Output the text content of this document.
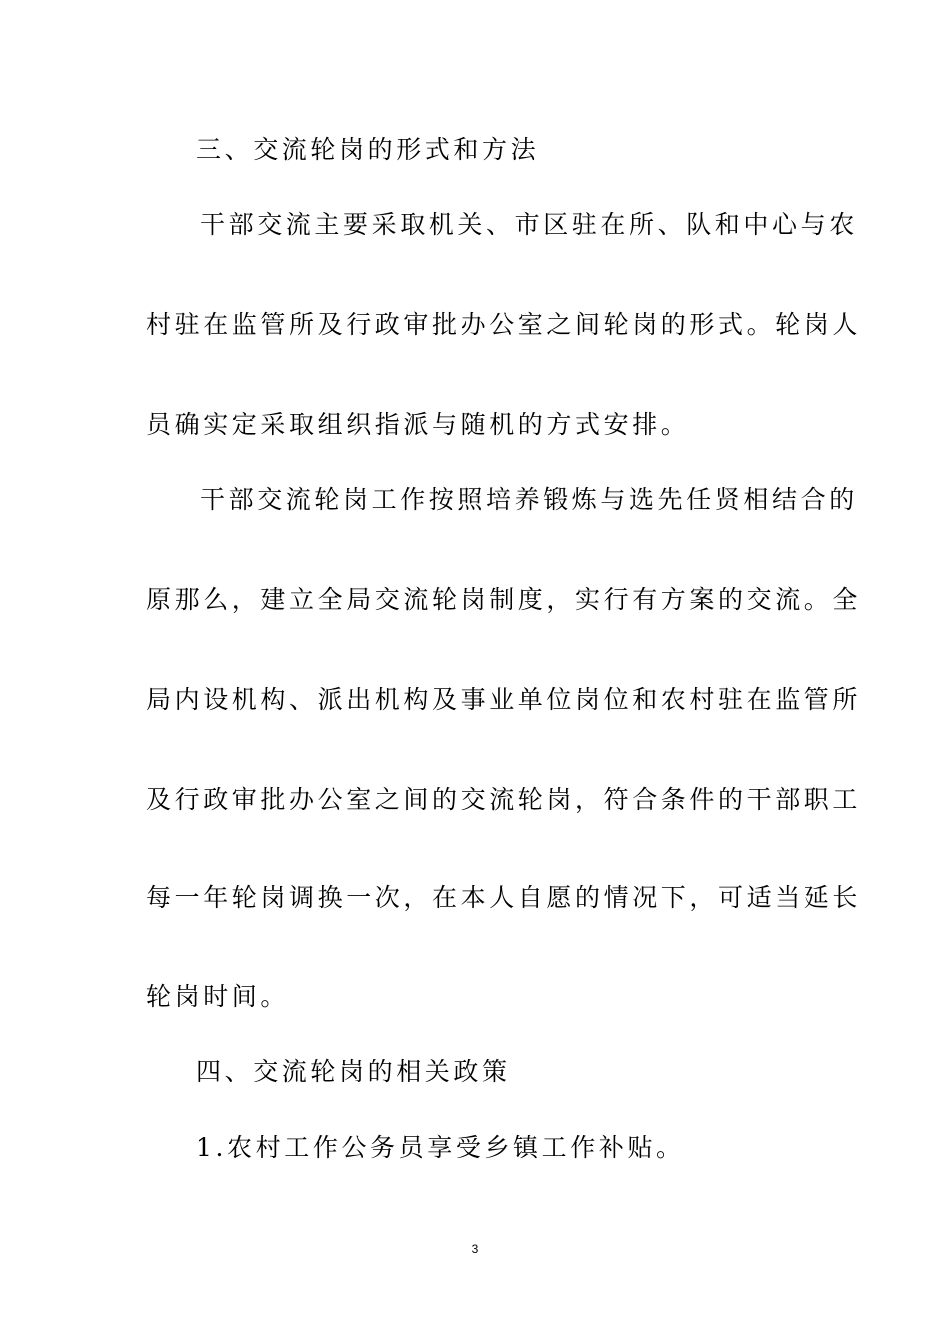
三、交流轮岗的形式和方法
干部交流主要采取机关、市区驻在所、队和中心与农
村驻在监管所及行政审批办公室之间轮岗的形式。轮岗人
员确实定采取组织指派与随机的方式安排。
干部交流轮岗工作按照培养锻炼与选先任贤相结合的
原那么，建立全局交流轮岗制度，实行有方案的交流。全
局内设机构、派出机构及事业单位岗位和农村驻在监管所
及行政审批办公室之间的交流轮岗，符合条件的干部职工
每一年轮岗调换一次，在本人自愿的情况下，可适当延长
轮岗时间。
四、交流轮岗的相关政策
1.农村工作公务员享受乡镇工作补贴。
3
